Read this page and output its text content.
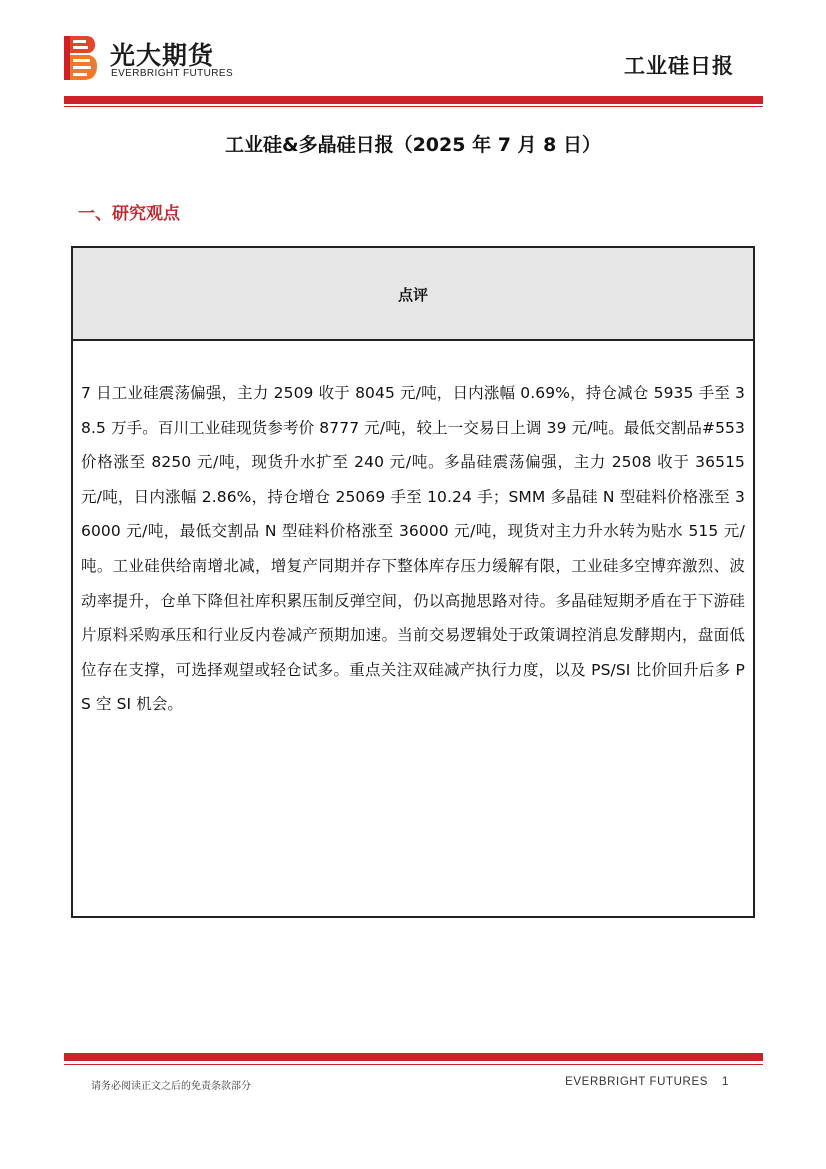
光大期货
EVERBRIGHT FUTURES	工业硅日报
工业硅&多晶硅日报（2025 年 7 月 8 日）
一、研究观点
点评
7 日工业硅震荡偏强，主力 2509 收于 8045 元/吨，日内涨幅 0.69%，持仓减仓 5935 手至 38.5 万手。百川工业硅现货参考价 8777 元/吨，较上一交易日上调 39 元/吨。最低交割品#553 价格涨至 8250 元/吨，现货升水扩至 240 元/吨。多晶硅震荡偏强，主力 2508 收于 36515 元/吨，日内涨幅 2.86%，持仓增仓 25069 手至 10.24 手；SMM 多晶硅 N 型硅料价格涨至 36000 元/吨，最低交割品 N 型硅料价格涨至 36000 元/吨，现货对主力升水转为贴水 515 元/吨。工业硅供给南增北减，增复产同期并存下整体库存压力缓解有限，工业硅多空博弈激烈、波动率提升，仓单下降但社库积累压制反弹空间，仍以高抛思路对待。多晶硅短期矛盾在于下游硅片原料采购承压和行业反内卷减产预期加速。当前交易逻辑处于政策调控消息发酵期内，盘面低位存在支撑，可选择观望或轻仓试多。重点关注双硅减产执行力度，以及 PS/SI 比价回升后多 PS 空 SI 机会。
请务必阅读正文之后的免责条款部分	EVERBRIGHT FUTURES 1
